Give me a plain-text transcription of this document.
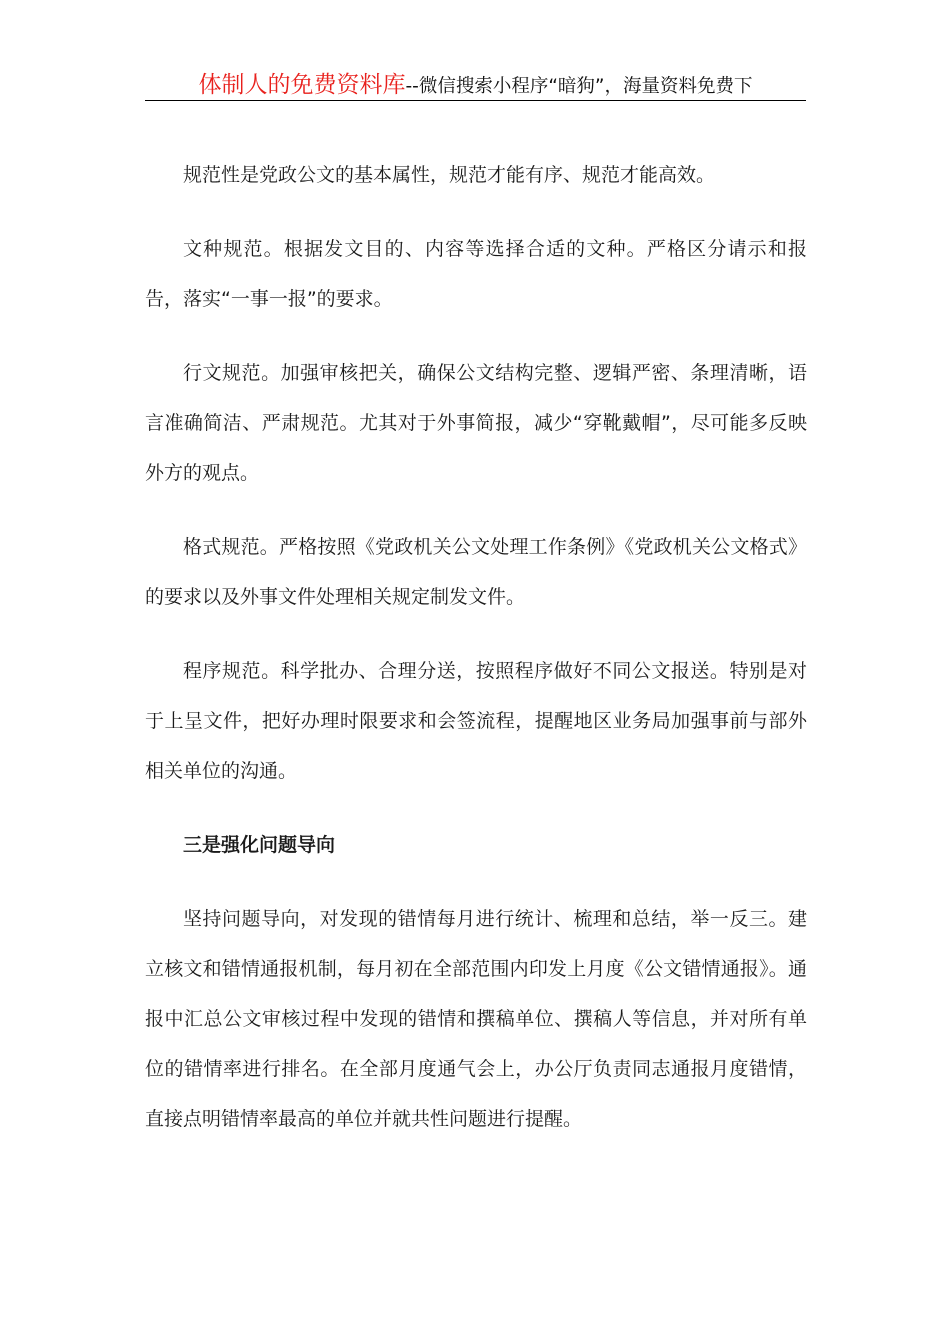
体制人的免费资料库--微信搜索小程序“暗狗”，海量资料免费下

规范性是党政公文的基本属性，规范才能有序、规范才能高效。

文种规范。根据发文目的、内容等选择合适的文种。严格区分请示和报告，落实“一事一报”的要求。

行文规范。加强审核把关，确保公文结构完整、逻辑严密、条理清晰，语言准确简洁、严肃规范。尤其对于外事简报，减少“穿靴戴帽”，尽可能多反映外方的观点。

格式规范。严格按照《党政机关公文处理工作条例》《党政机关公文格式》的要求以及外事文件处理相关规定制发文件。

程序规范。科学批办、合理分送，按照程序做好不同公文报送。特别是对于上呈文件，把好办理时限要求和会签流程，提醒地区业务局加强事前与部外相关单位的沟通。

三是强化问题导向

坚持问题导向，对发现的错情每月进行统计、梳理和总结，举一反三。建立核文和错情通报机制，每月初在全部范围内印发上月度《公文错情通报》。通报中汇总公文审核过程中发现的错情和撰稿单位、撰稿人等信息，并对所有单位的错情率进行排名。在全部月度通气会上，办公厅负责同志通报月度错情，直接点明错情率最高的单位并就共性问题进行提醒。
